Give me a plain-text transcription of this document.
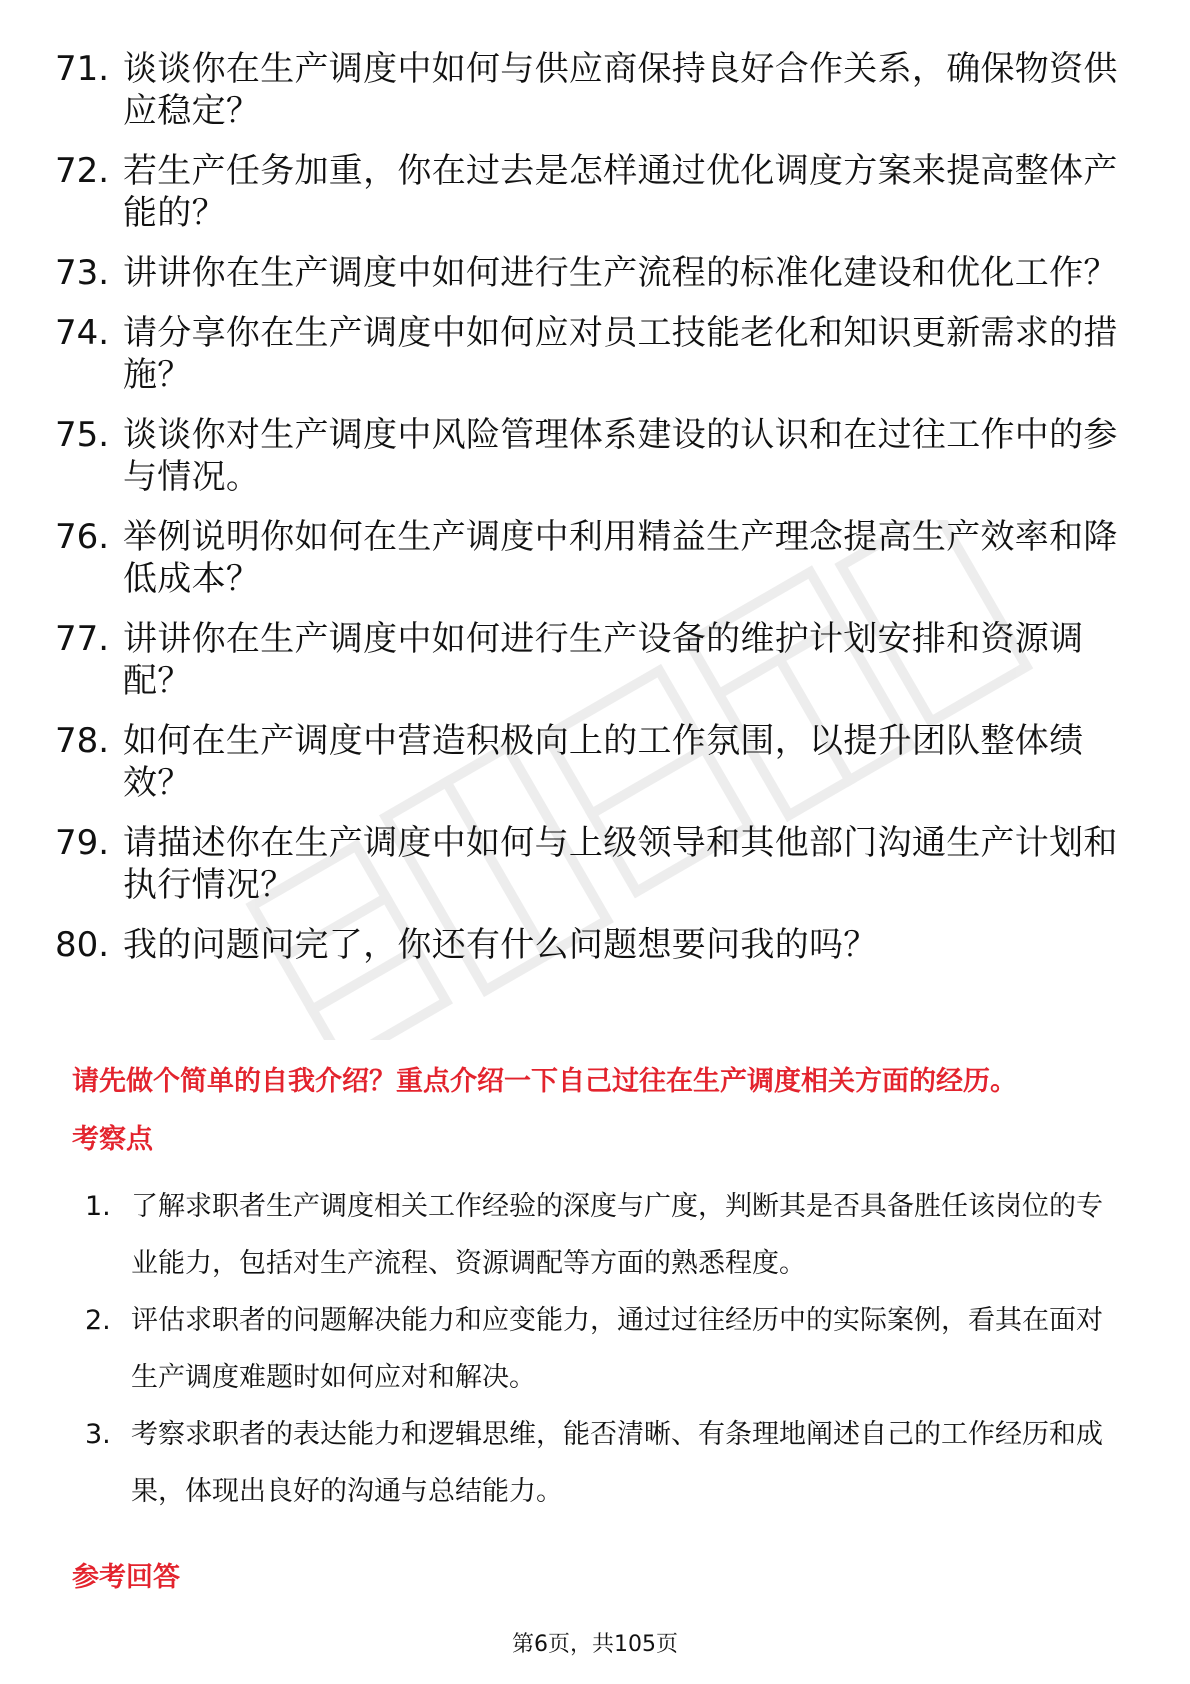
71. 谈谈你在生产调度中如何与供应商保持良好合作关系，确保物资供应稳定？
72. 若生产任务加重，你在过去是怎样通过优化调度方案来提高整体产能的？
73. 讲讲你在生产调度中如何进行生产流程的标准化建设和优化工作？
74. 请分享你在生产调度中如何应对员工技能老化和知识更新需求的措施？
75. 谈谈你对生产调度中风险管理体系建设的认识和在过往工作中的参与情况。
76. 举例说明你如何在生产调度中利用精益生产理念提高生产效率和降低成本？
77. 讲讲你在生产调度中如何进行生产设备的维护计划安排和资源调配？
78. 如何在生产调度中营造积极向上的工作氛围，以提升团队整体绩效？
79. 请描述你在生产调度中如何与上级领导和其他部门沟通生产计划和执行情况？
80. 我的问题问完了，你还有什么问题想要问我的吗？
请先做个简单的自我介绍？重点介绍一下自己过往在生产调度相关方面的经历。
考察点
1. 了解求职者生产调度相关工作经验的深度与广度，判断其是否具备胜任该岗位的专业能力，包括对生产流程、资源调配等方面的熟悉程度。
2. 评估求职者的问题解决能力和应变能力，通过过往经历中的实际案例，看其在面对生产调度难题时如何应对和解决。
3. 考察求职者的表达能力和逻辑思维，能否清晰、有条理地阐述自己的工作经历和成果，体现出良好的沟通与总结能力。
参考回答
第6页，共105页
